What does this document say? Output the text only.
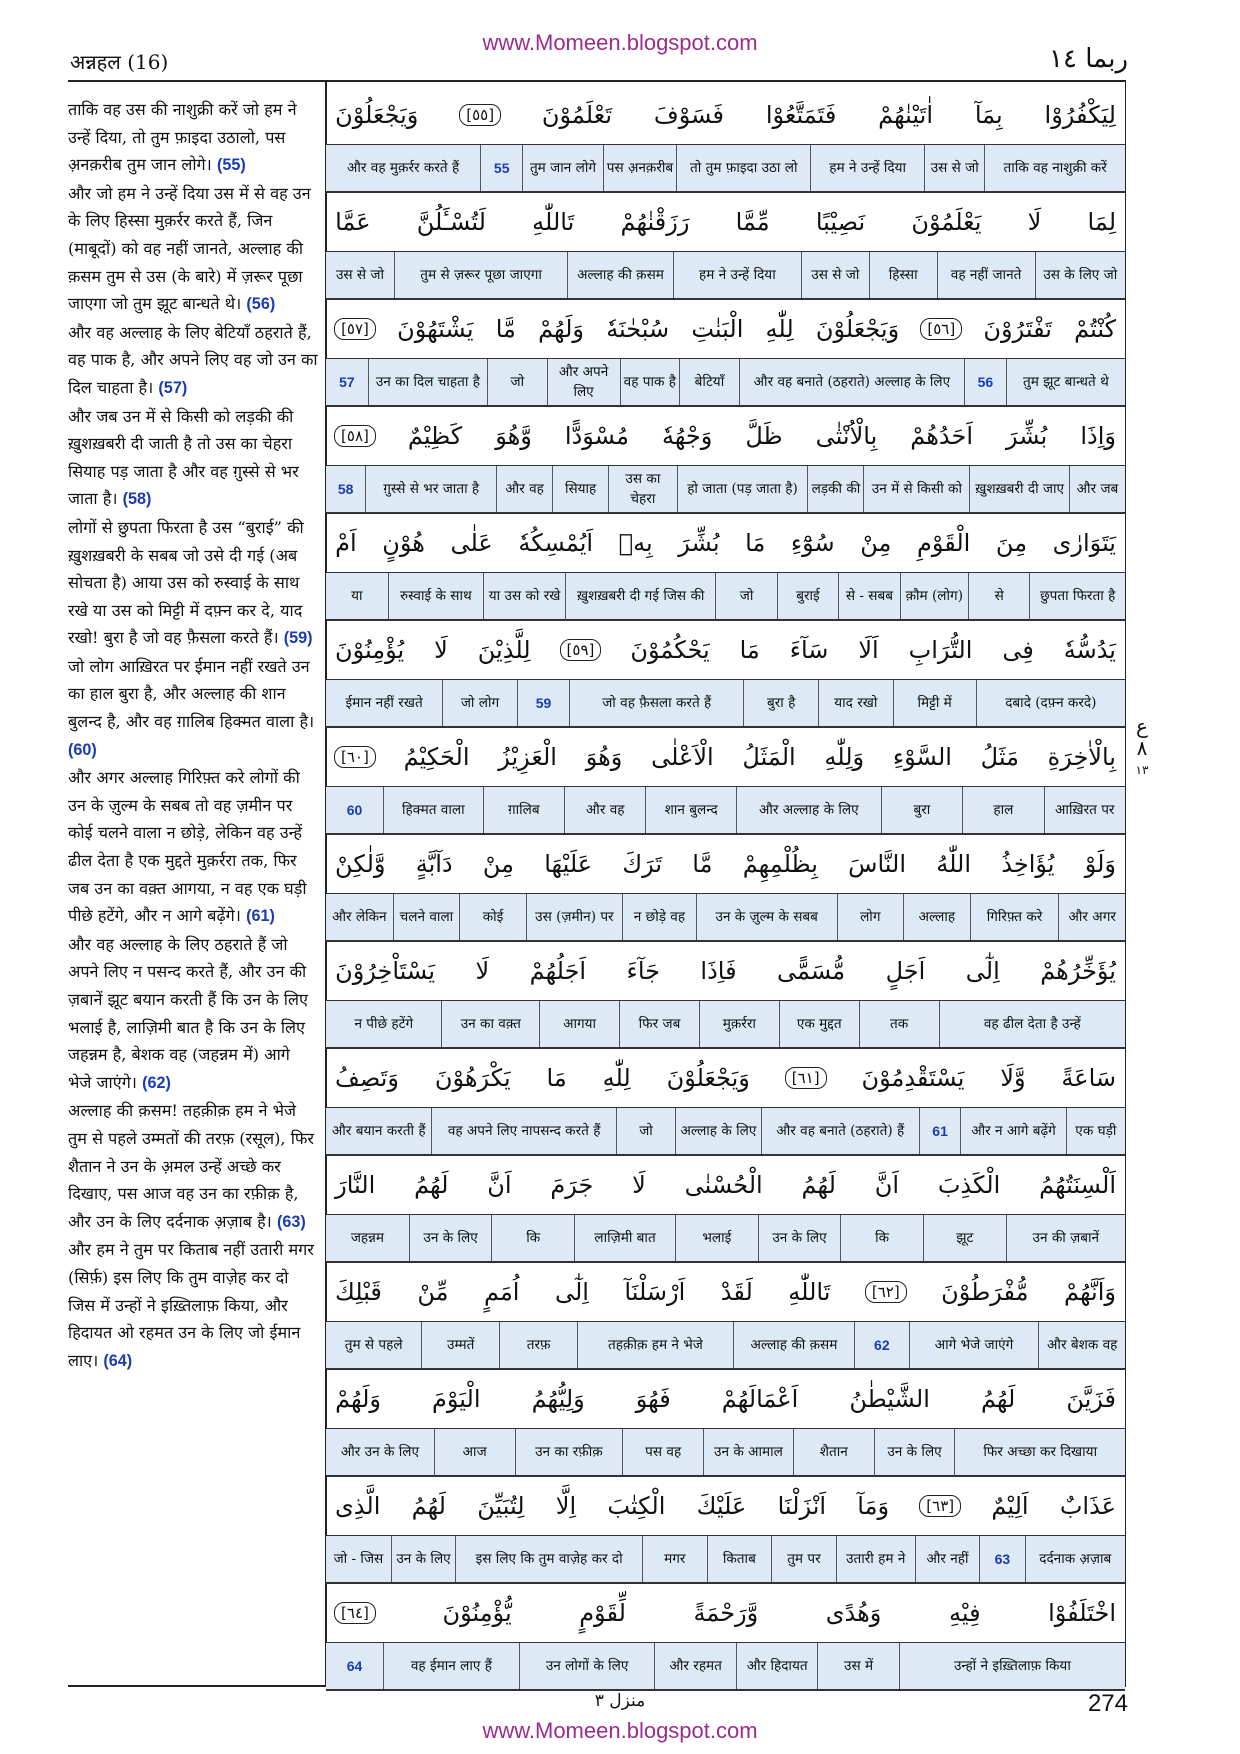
www.Momeen.blogspot.com
अन्नहल (16)	ربما ١٤

ताकि वह उस की नाशुक्री करें जो हम ने उन्हें दिया, तो तुम फ़ाइदा उठालो, पस अ़नक़रीब तुम जान लोगे। (55)

और जो हम ने उन्हें दिया उस में से वह उन के लिए हिस्सा मुक़र्रर करते हैं, जिन (माबूदों) को वह नहीं जानते, अल्लाह की क़सम तुम से उस (के बारे) में ज़रूर पूछा जाएगा जो तुम झूट बान्धते थे। (56)

और वह अल्लाह के लिए बेटियाँ ठहराते हैं, वह पाक है, और अपने लिए वह जो उन का दिल चाहता है। (57)

और जब उन में से किसी को लड़की की ख़ुशख़बरी दी जाती है तो उस का चेहरा सियाह पड़ जाता है और वह ग़ुस्से से भर जाता है। (58)

लोगों से छुपता फिरता है उस “बुराई” की ख़ुशख़बरी के सबब जो उसे दी गई (अब सोचता है) आया उस को रुस्वाई के साथ रखे या उस को मिट्टी में दफ़्न कर दे, याद रखो! बुरा है जो वह फ़ैसला करते हैं। (59)

जो लोग आख़िरत पर ईमान नहीं रखते उन का हाल बुरा है, और अल्लाह की शान बुलन्द है, और वह ग़ालिब हिक्मत वाला है। (60)

और अगर अल्लाह गिरिफ़्त करे लोगों की उन के ज़ुल्म के सबब तो वह ज़मीन पर कोई चलने वाला न छोड़े, लेकिन वह उन्हें ढील देता है एक मुद्दते मुक़र्ररा तक, फिर जब उन का वक़्त आगया, न वह एक घड़ी पीछे हटेंगे, और न आगे बढ़ेंगे। (61)

और वह अल्लाह के लिए ठहराते हैं जो अपने लिए न पसन्द करते हैं, और उन की ज़बानें झूट बयान करती हैं कि उन के लिए भलाई है, लाज़िमी बात है कि उन के लिए जहन्नम है, बेशक वह (जहन्नम में) आगे भेजे जाएंगे। (62)

अल्लाह की क़सम! तहक़ीक़ हम ने भेजे तुम से पहले उम्मतों की तरफ़ (रसूल), फिर शैतान ने उन के अ़मल उन्हें अच्छे कर दिखाए, पस आज वह उन का रफ़ीक़ है, और उन के लिए दर्दनाक अ़ज़ाब है। (63)

और हम ने तुम पर किताब नहीं उतारी मगर (सिर्फ़) इस लिए कि तुम वाज़ेह कर दो जिस में उन्हों ने इख़्तिलाफ़ किया, और हिदायत ओ रहमत उन के लिए जो ईमान लाए। (64)

لِيَكْفُرُوْا
بِمَآ
اٰتَيْنٰهُمْ
فَتَمَتَّعُوْا
فَسَوْفَ
تَعْلَمُوْنَ
[٥٥]
وَيَجْعَلُوْنَ
ताकि वह नाशुक्री करें
उस से जो
हम ने उन्हें दिया
तो तुम फ़ाइदा उठा लो
पस अ़नक़रीब
तुम जान लोगे
55
और वह मुक़र्रर करते हैं
لِمَا
لَا
يَعْلَمُوْنَ
نَصِيْبًا
مِّمَّا
رَزَقْنٰهُمْ
تَاللّٰهِ
لَتُسْـَٔلُنَّ
عَمَّا
उस के लिए जो
वह नहीं जानते
हिस्सा
उस से जो
हम ने उन्हें दिया
अल्लाह की क़सम
तुम से ज़रूर पूछा जाएगा
उस से जो
كُنْتُمْ
تَفْتَرُوْنَ
[٥٦]
وَيَجْعَلُوْنَ
لِلّٰهِ
الْبَنٰتِ
سُبْحٰنَهٗ
وَلَهُمْ
مَّا
يَشْتَهُوْنَ
[٥٧]
तुम झूट बान्धते थे
56
और वह बनाते (ठहराते) अल्लाह के लिए
बेटियाँ
वह पाक है
और अपने लिए
जो
उन का दिल चाहता है
57
وَاِذَا
بُشِّرَ
اَحَدُهُمْ
بِالْاُنْثٰى
ظَلَّ
وَجْهُهٗ
مُسْوَدًّا
وَّهُوَ
كَظِيْمٌ
[٥٨]
और जब
ख़ुशख़बरी दी जाए
उन में से किसी को
लड़की की
हो जाता (पड़ जाता है)
उस का चेहरा
सियाह
और वह
ग़ुस्से से भर जाता है
58
يَتَوَارٰى
مِنَ
الْقَوْمِ
مِنْ
سُوْٓءِ
مَا
بُشِّرَ
بِهٖ
اَيُمْسِكُهٗ
عَلٰى
هُوْنٍ
اَمْ
छुपता फिरता है
से
क़ौम (लोग)
से - सबब
बुराई
जो
ख़ुशख़बरी दी गई जिस की
या उस को रखे
रुस्वाई के साथ
या
يَدُسُّهٗ
فِى
التُّرَابِ
اَلَا
سَآءَ
مَا
يَحْكُمُوْنَ
[٥٩]
لِلَّذِيْنَ
لَا
يُؤْمِنُوْنَ
दबादे (दफ़्न करदे)
मिट्टी में
याद रखो
बुरा है
जो वह फ़ैसला करते हैं
59
जो लोग
ईमान नहीं रखते
بِالْاٰخِرَةِ
مَثَلُ
السَّوْءِ
وَلِلّٰهِ
الْمَثَلُ
الْاَعْلٰى
وَهُوَ
الْعَزِيْزُ
الْحَكِيْمُ
[٦٠]
आख़िरत पर
हाल
बुरा
और अल्लाह के लिए
शान बुलन्द
और वह
ग़ालिब
हिक्मत वाला
60
وَلَوْ
يُؤَاخِذُ
اللّٰهُ
النَّاسَ
بِظُلْمِهِمْ
مَّا
تَرَكَ
عَلَيْهَا
مِنْ
دَآبَّةٍ
وَّلٰكِنْ
और अगर
गिरिफ़्त करे
अल्लाह
लोग
उन के ज़ुल्म के सबब
न छोड़े वह
उस (ज़मीन) पर
कोई
चलने वाला
और लेकिन
يُؤَخِّرُهُمْ
اِلٰٓى
اَجَلٍ
مُّسَمًّى
فَاِذَا
جَآءَ
اَجَلُهُمْ
لَا
يَسْتَاْخِرُوْنَ
वह ढील देता है उन्हें
तक
एक मुद्दत
मुक़र्ररा
फिर जब
आगया
उन का वक़्त
न पीछे हटेंगे
سَاعَةً
وَّلَا
يَسْتَقْدِمُوْنَ
[٦١]
وَيَجْعَلُوْنَ
لِلّٰهِ
مَا
يَكْرَهُوْنَ
وَتَصِفُ
एक घड़ी
और न आगे बढ़ेंगे
61
और वह बनाते (ठहराते) हैं
अल्लाह के लिए
जो
वह अपने लिए नापसन्द करते हैं
और बयान करती हैं
اَلْسِنَتُهُمُ
الْكَذِبَ
اَنَّ
لَهُمُ
الْحُسْنٰى
لَا
جَرَمَ
اَنَّ
لَهُمُ
النَّارَ
उन की ज़बानें
झूट
कि
उन के लिए
भलाई
लाज़िमी बात
कि
उन के लिए
जहन्नम
وَاَنَّهُمْ
مُّفْرَطُوْنَ
[٦٢]
تَاللّٰهِ
لَقَدْ
اَرْسَلْنَآ
اِلٰٓى
اُمَمٍ
مِّنْ
قَبْلِكَ
और बेशक वह
आगे भेजे जाएंगे
62
अल्लाह की क़सम
तहक़ीक़ हम ने भेजे
तरफ़
उम्मतें
तुम से पहले
فَزَيَّنَ
لَهُمُ
الشَّيْطٰنُ
اَعْمَالَهُمْ
فَهُوَ
وَلِيُّهُمُ
الْيَوْمَ
وَلَهُمْ
फिर अच्छा कर दिखाया
उन के लिए
शैतान
उन के आमाल
पस वह
उन का रफ़ीक़
आज
और उन के लिए
عَذَابٌ
اَلِيْمٌ
[٦٣]
وَمَآ
اَنْزَلْنَا
عَلَيْكَ
الْكِتٰبَ
اِلَّا
لِتُبَيِّنَ
لَهُمُ
الَّذِى
दर्दनाक अ़ज़ाब
63
और नहीं
उतारी हम ने
तुम पर
किताब
मगर
इस लिए कि तुम वाज़ेह कर दो
उन के लिए
जो - जिस
اخْتَلَفُوْا
فِيْهِ
وَهُدًى
وَّرَحْمَةً
لِّقَوْمٍ
يُّؤْمِنُوْنَ
[٦٤]
उन्हों ने इख़्तिलाफ़ किया
उस में
और हिदायत
और रहमत
उन लोगों के लिए
वह ईमान लाए हैं
64
ع
٨
١٣
منزل ٣	274
www.Momeen.blogspot.com
